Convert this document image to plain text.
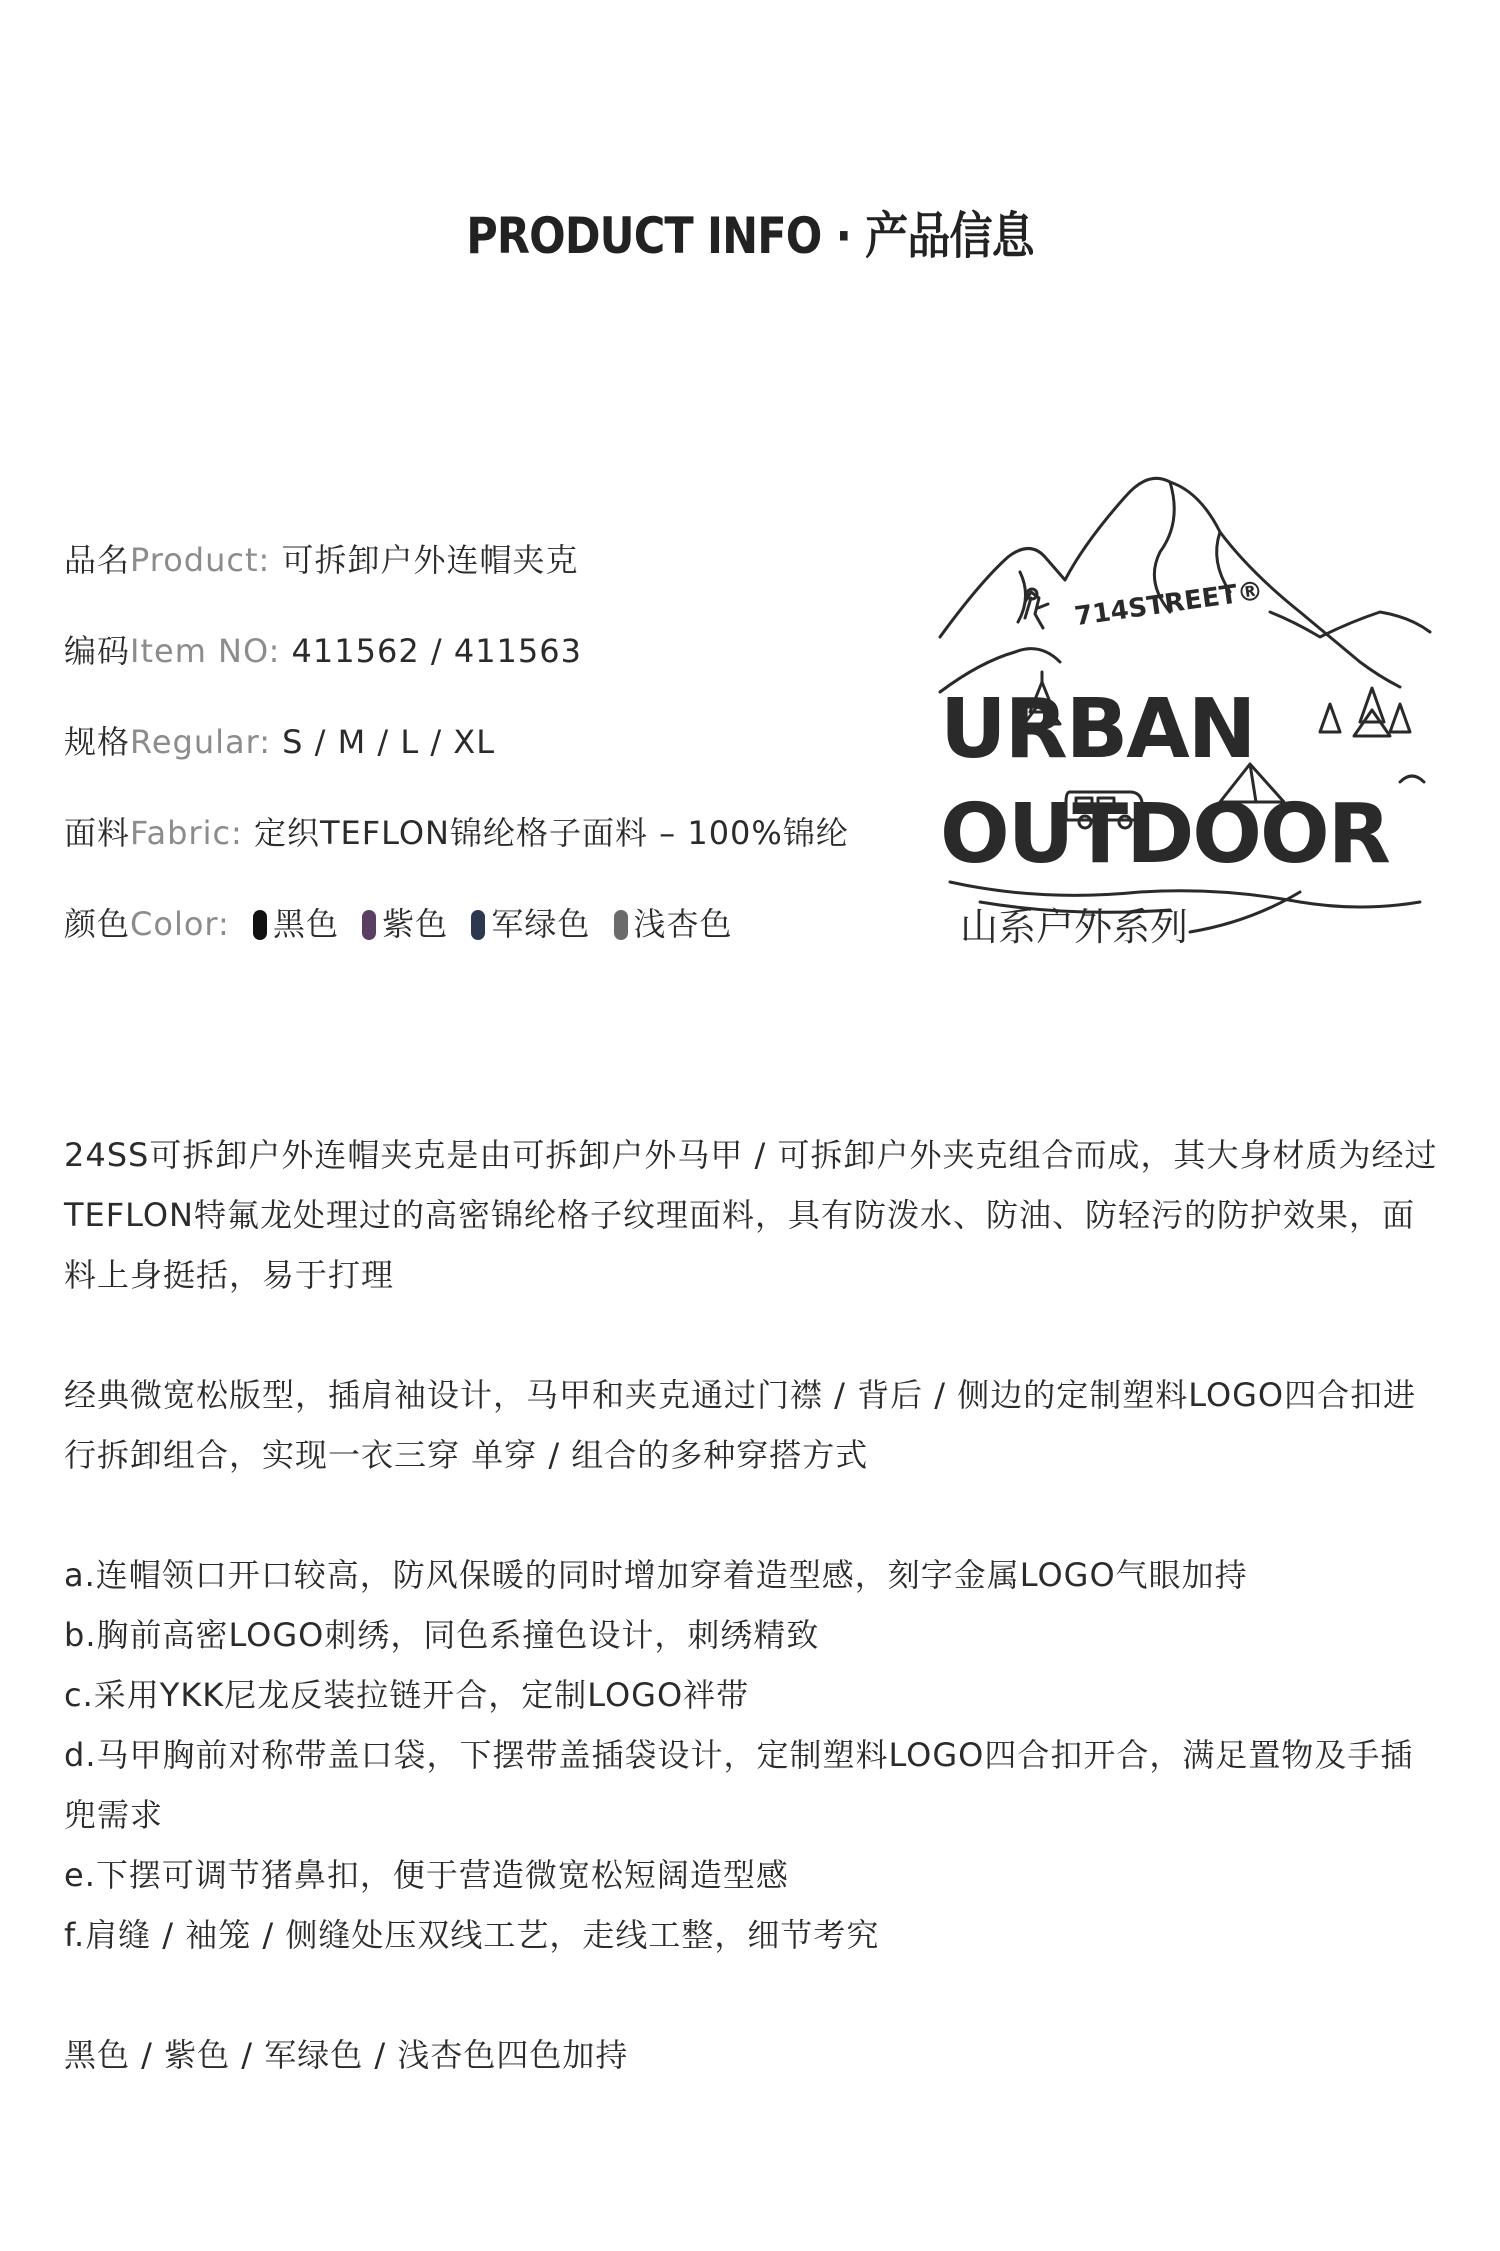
PRODUCT INFO · 产品信息
品名Product: 可拆卸户外连帽夹克
编码Item NO: 411562 / 411563
规格Regular: S / M / L / XL
面料Fabric: 定织TEFLON锦纶格子面料 – 100%锦纶
颜色Color: 黑色 紫色 军绿色 浅杏色
714STREET®
URBAN
OUTDOOR
山系户外系列

24SS可拆卸户外连帽夹克是由可拆卸户外马甲 / 可拆卸户外夹克组合而成，其大身材质为经过TEFLON特氟龙处理过的高密锦纶格子纹理面料，具有防泼水、防油、防轻污的防护效果，面料上身挺括，易于打理

经典微宽松版型，插肩袖设计，马甲和夹克通过门襟 / 背后 / 侧边的定制塑料LOGO四合扣进行拆卸组合，实现一衣三穿 单穿 / 组合的多种穿搭方式

a.连帽领口开口较高，防风保暖的同时增加穿着造型感，刻字金属LOGO气眼加持

b.胸前高密LOGO刺绣，同色系撞色设计，刺绣精致

c.采用YKK尼龙反装拉链开合，定制LOGO袢带

d.马甲胸前对称带盖口袋，下摆带盖插袋设计，定制塑料LOGO四合扣开合，满足置物及手插兜需求

e.下摆可调节猪鼻扣，便于营造微宽松短阔造型感

f.肩缝 / 袖笼 / 侧缝处压双线工艺，走线工整，细节考究

黑色 / 紫色 / 军绿色 / 浅杏色四色加持
